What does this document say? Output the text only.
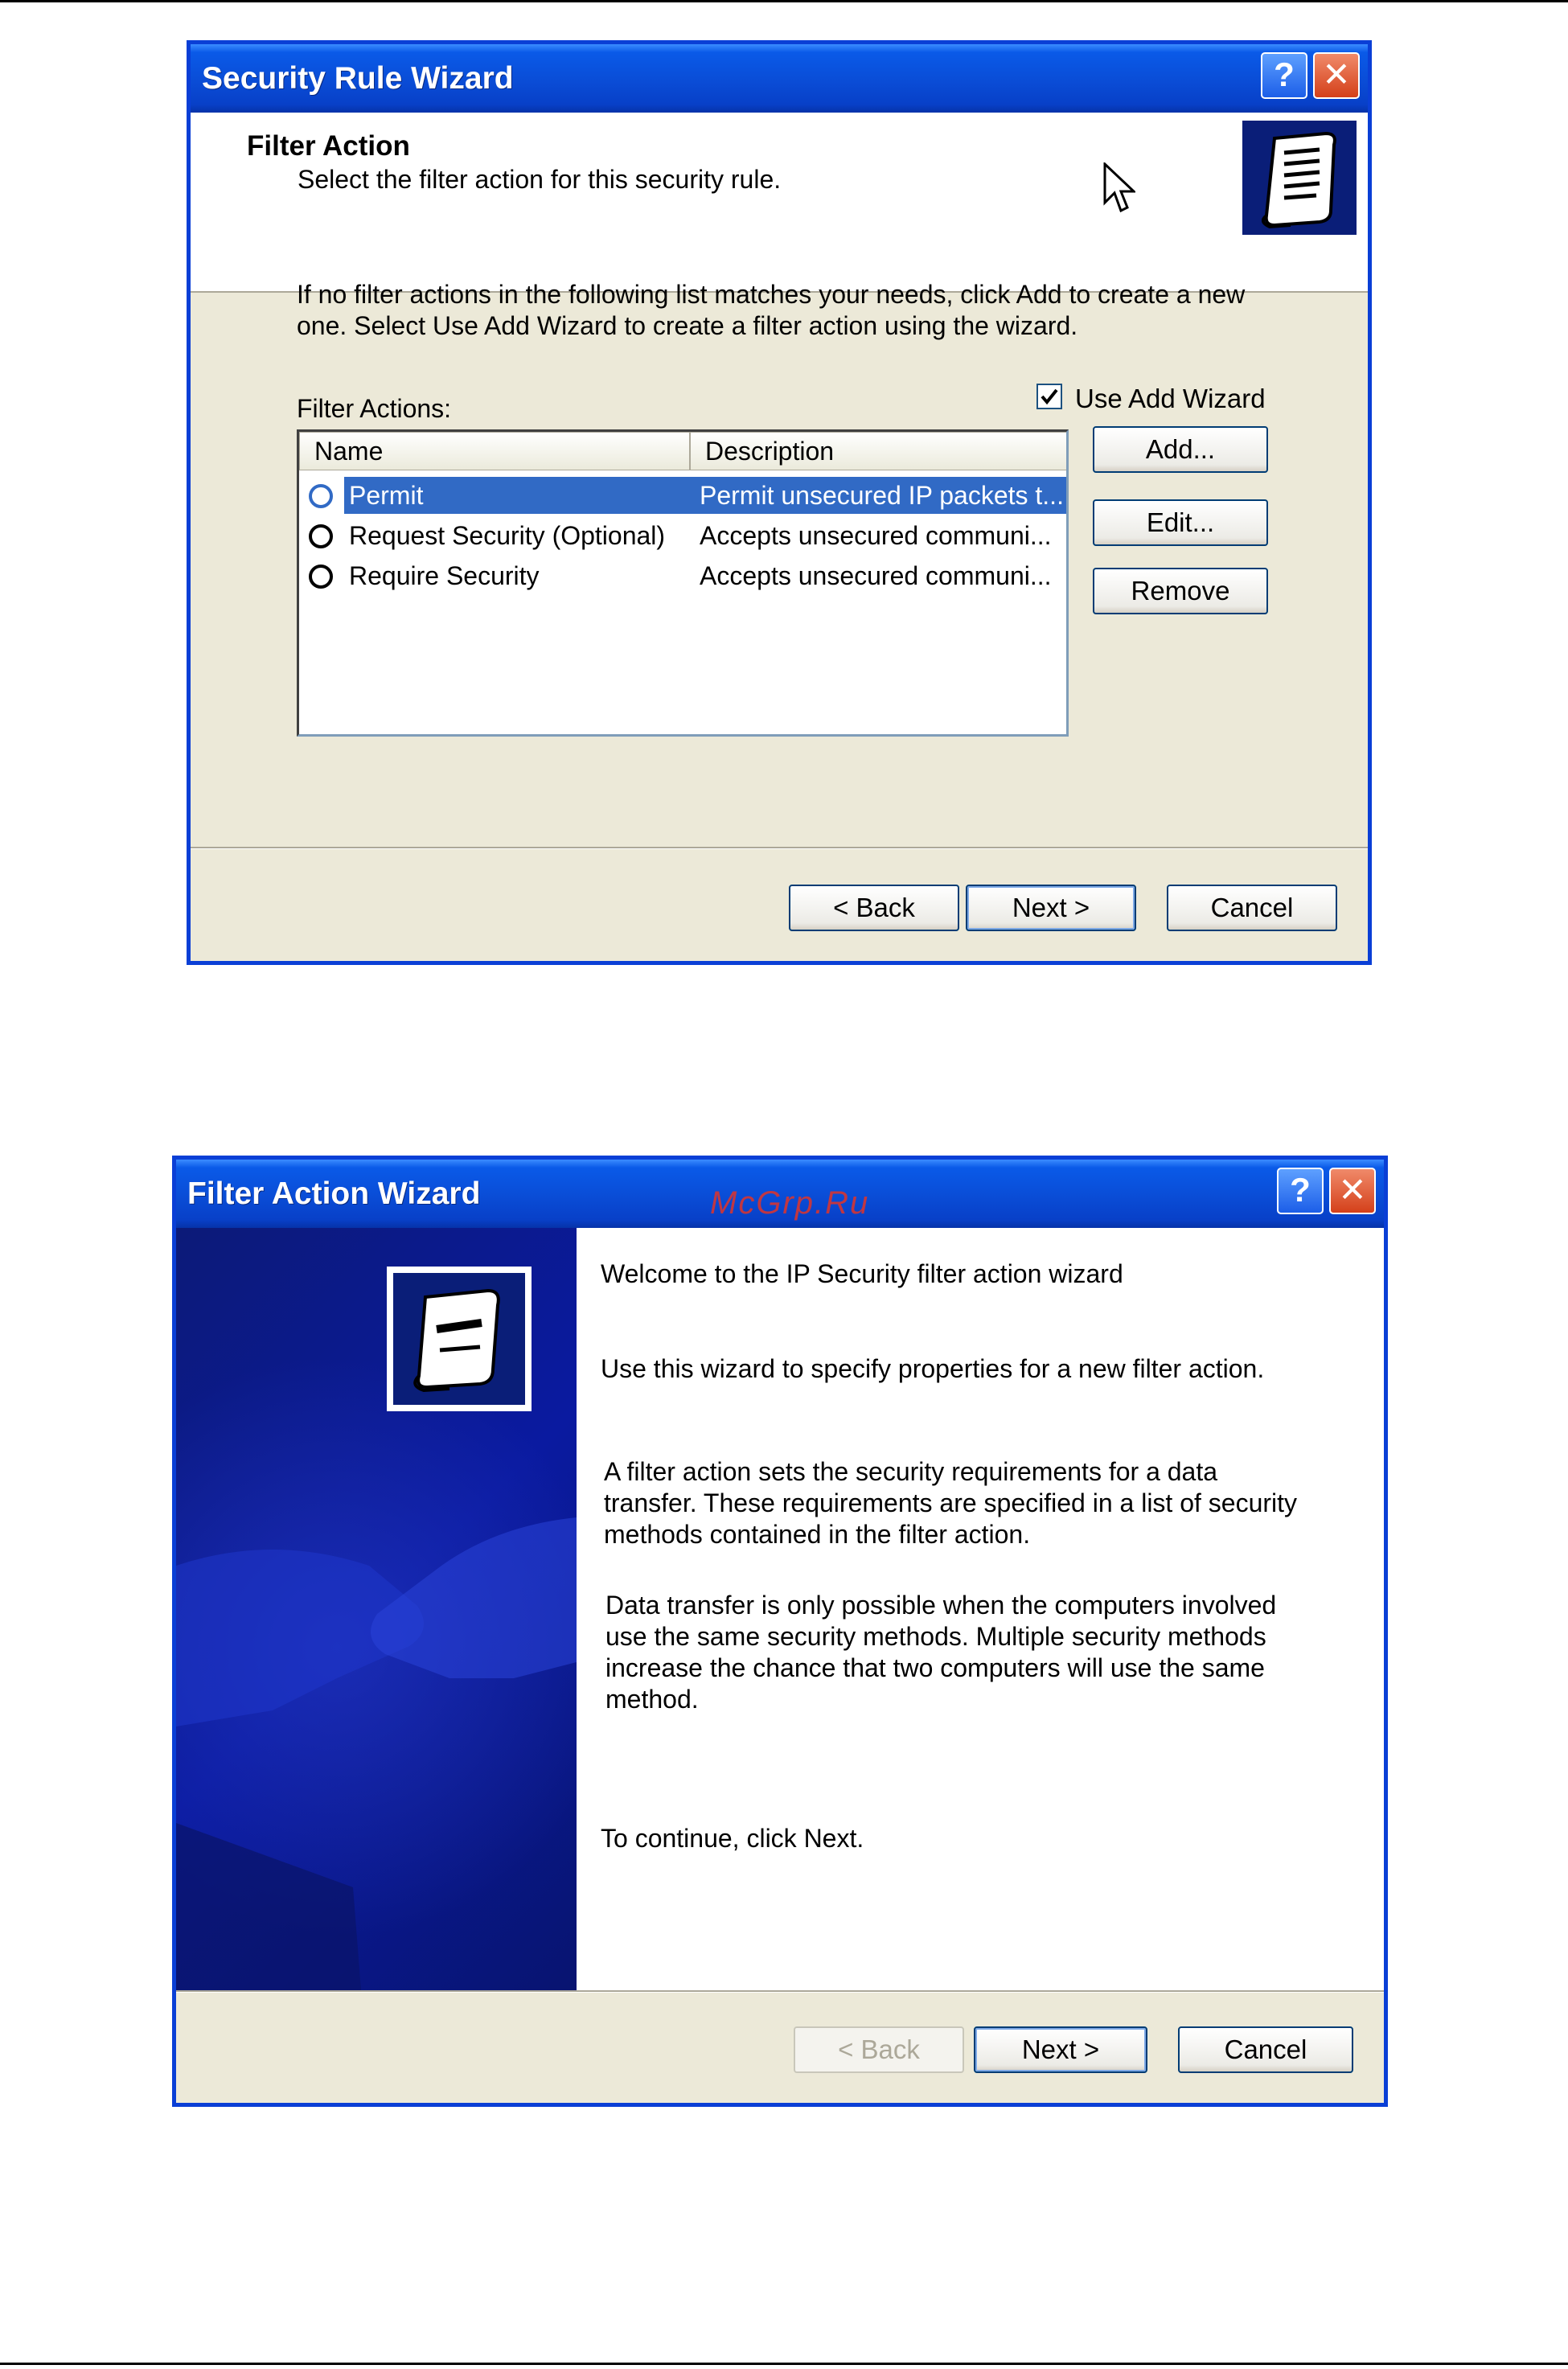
Security Rule Wizard	? ✕
Filter Action
Select the filter action for this security rule.
If no filter actions in the following list matches your needs, click Add to create a new one. Select Use Add Wizard to create a filter action using the wizard.
Filter Actions:	Use Add Wizard
Name	Description
Permit	Permit unsecured IP packets t...
Request Security (Optional)	Accepts unsecured communi...
Require Security	Accepts unsecured communi...
Add...
Edit...
Remove
< Back	Next >	Cancel
Filter Action Wizard	McGrp.Ru	? ✕
Welcome to the IP Security filter action wizard
Use this wizard to specify properties for a new filter action.
A filter action sets the security requirements for a data transfer. These requirements are specified in a list of security methods contained in the filter action.
Data transfer is only possible when the computers involved use the same security methods. Multiple security methods increase the chance that two computers will use the same method.
To continue, click Next.
< Back	Next >	Cancel
